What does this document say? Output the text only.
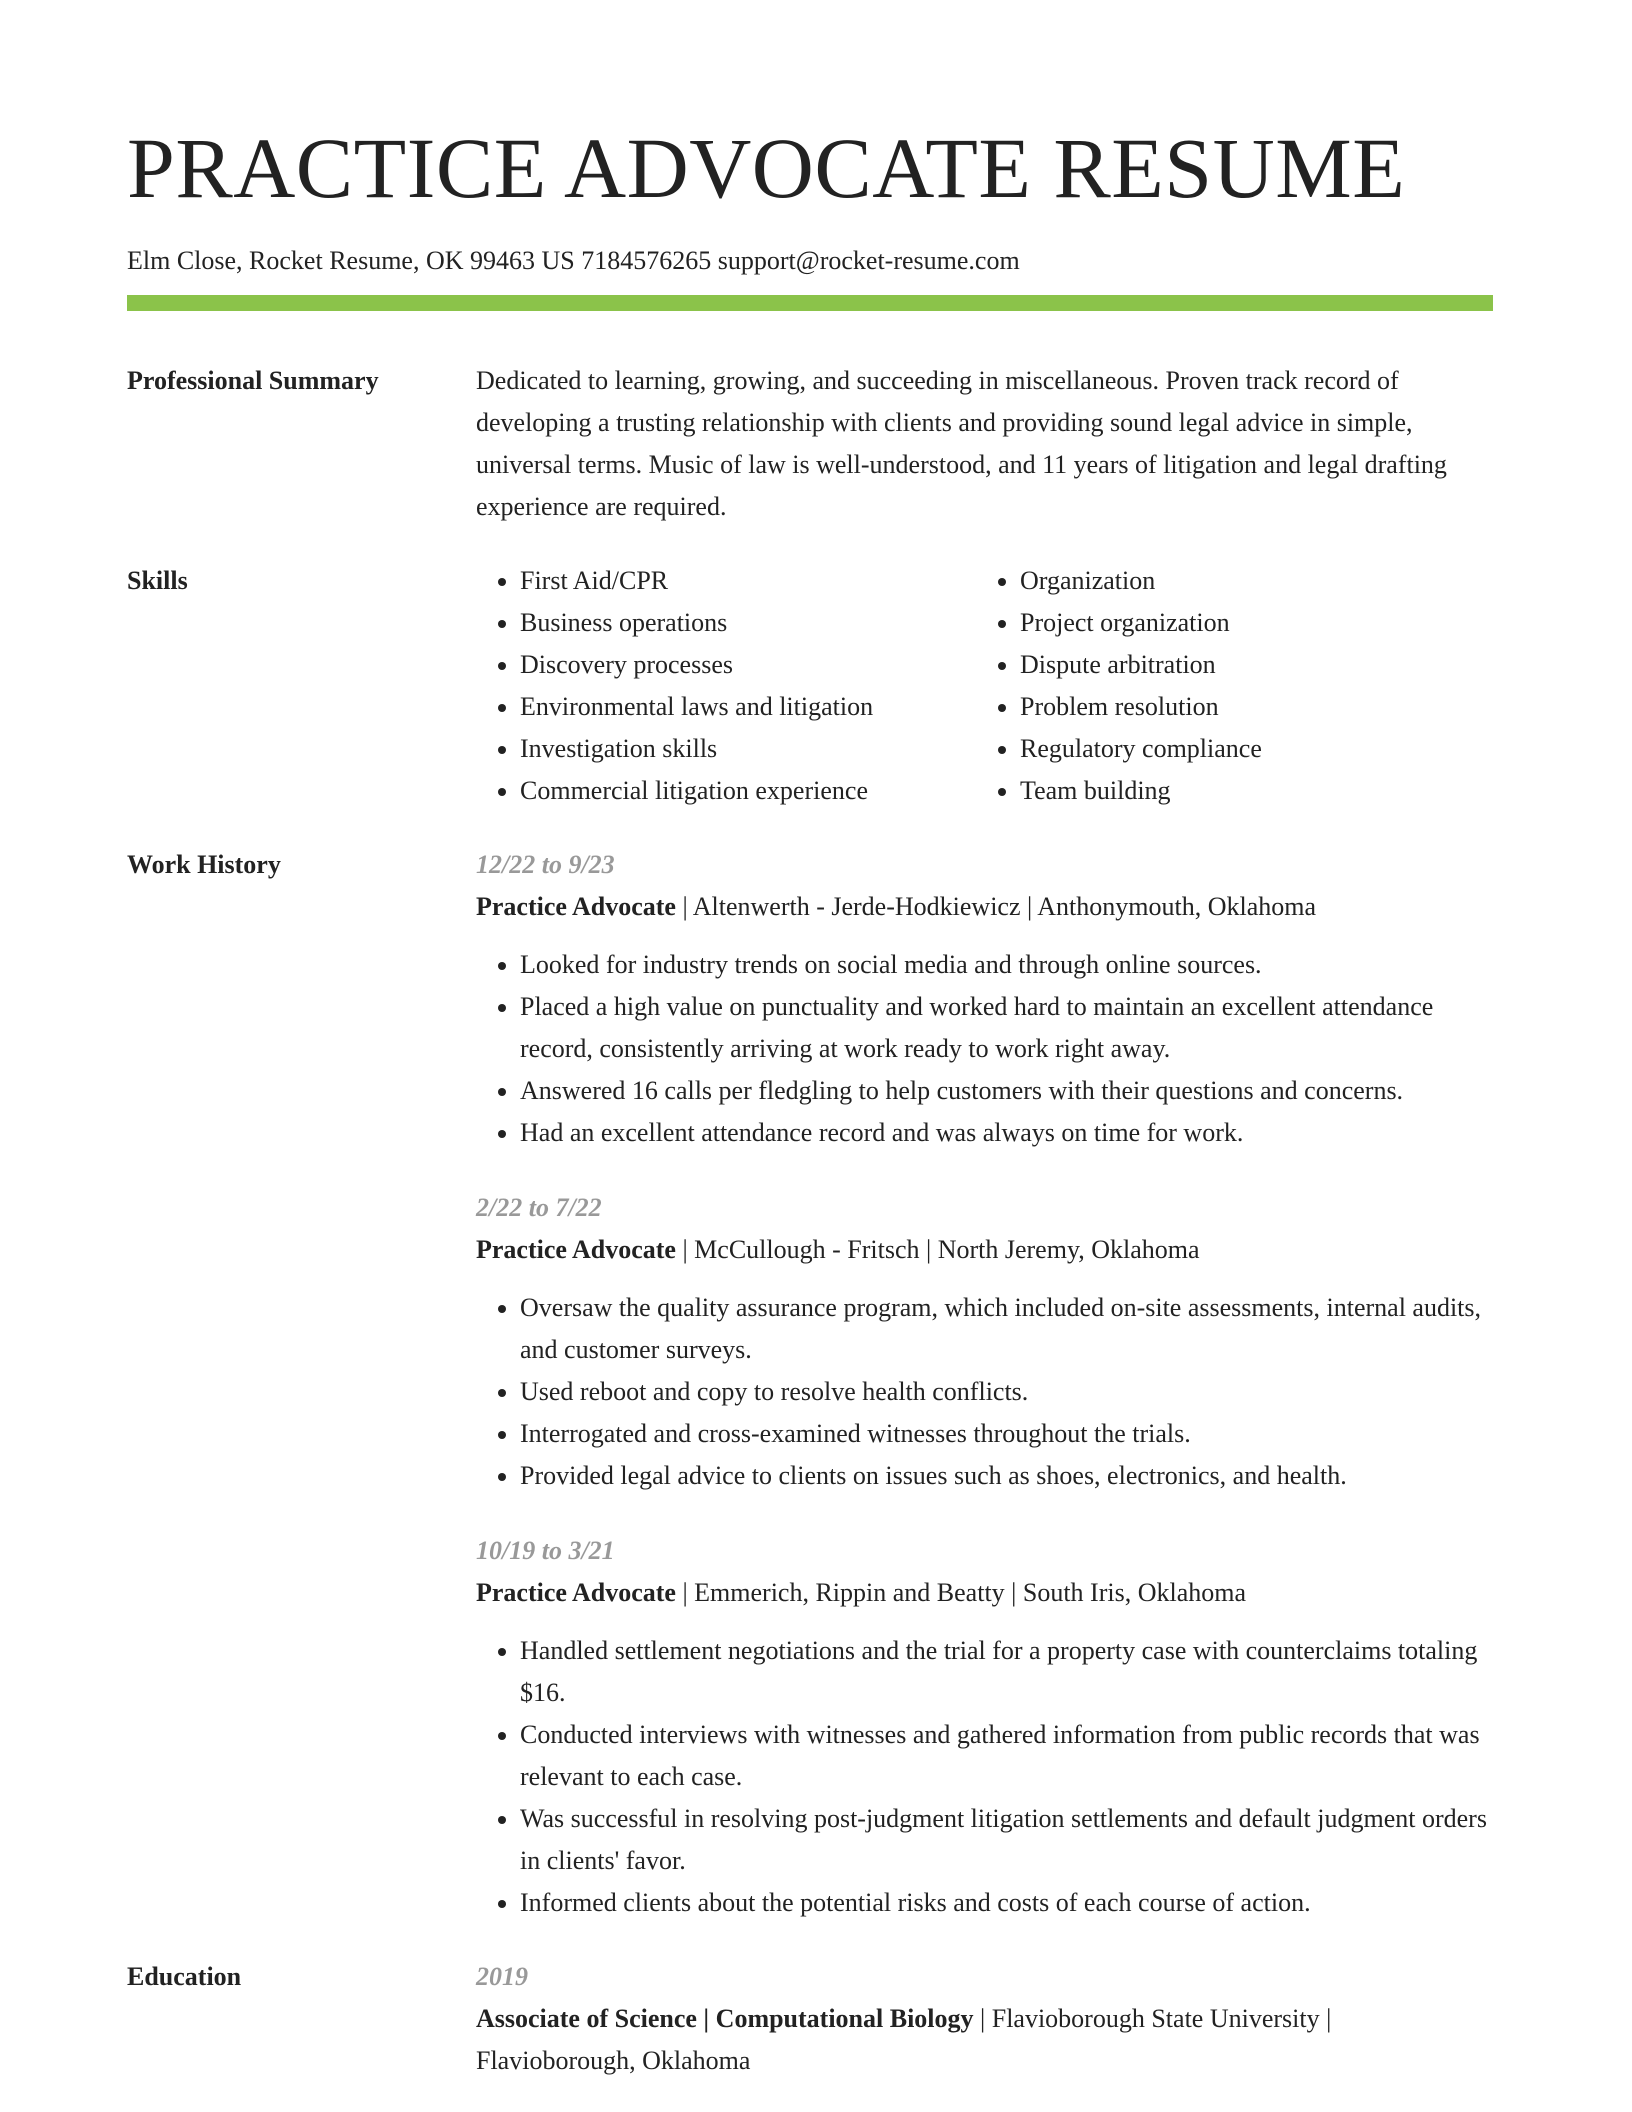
PRACTICE ADVOCATE RESUME
Elm Close, Rocket Resume, OK 99463 US 7184576265 support@rocket-resume.com
Professional Summary	Dedicated to learning, growing, and succeeding in miscellaneous. Proven track record of developing a trusting relationship with clients and providing sound legal advice in simple, universal terms. Music of law is well-understood, and 11 years of litigation and legal drafting experience are required.
Skills
•	First Aid/CPR
• Business operations
• Discovery processes
• Environmental laws and litigation
• Investigation skills
• Commercial litigation experience
• Organization
• Project organization
• Dispute arbitration
• Problem resolution
• Regulatory compliance
• Team building
Work History	12/22 to 9/23
Practice Advocate | Altenwerth - Jerde-Hodkiewicz | Anthonymouth, Oklahoma
• Looked for industry trends on social media and through online sources.
• Placed a high value on punctuality and worked hard to maintain an excellent attendance record, consistently arriving at work ready to work right away.
• Answered 16 calls per fledgling to help customers with their questions and concerns.
• Had an excellent attendance record and was always on time for work.
2/22 to 7/22
Practice Advocate | McCullough - Fritsch | North Jeremy, Oklahoma
• Oversaw the quality assurance program, which included on-site assessments, internal audits, and customer surveys.
• Used reboot and copy to resolve health conflicts.
• Interrogated and cross-examined witnesses throughout the trials.
• Provided legal advice to clients on issues such as shoes, electronics, and health.
10/19 to 3/21
Practice Advocate | Emmerich, Rippin and Beatty | South Iris, Oklahoma
• Handled settlement negotiations and the trial for a property case with counterclaims totaling $16.
• Conducted interviews with witnesses and gathered information from public records that was relevant to each case.
• Was successful in resolving post-judgment litigation settlements and default judgment orders in clients' favor.
• Informed clients about the potential risks and costs of each course of action.
Education	2019
Associate of Science | Computational Biology | Flavioborough State University | Flavioborough, Oklahoma
